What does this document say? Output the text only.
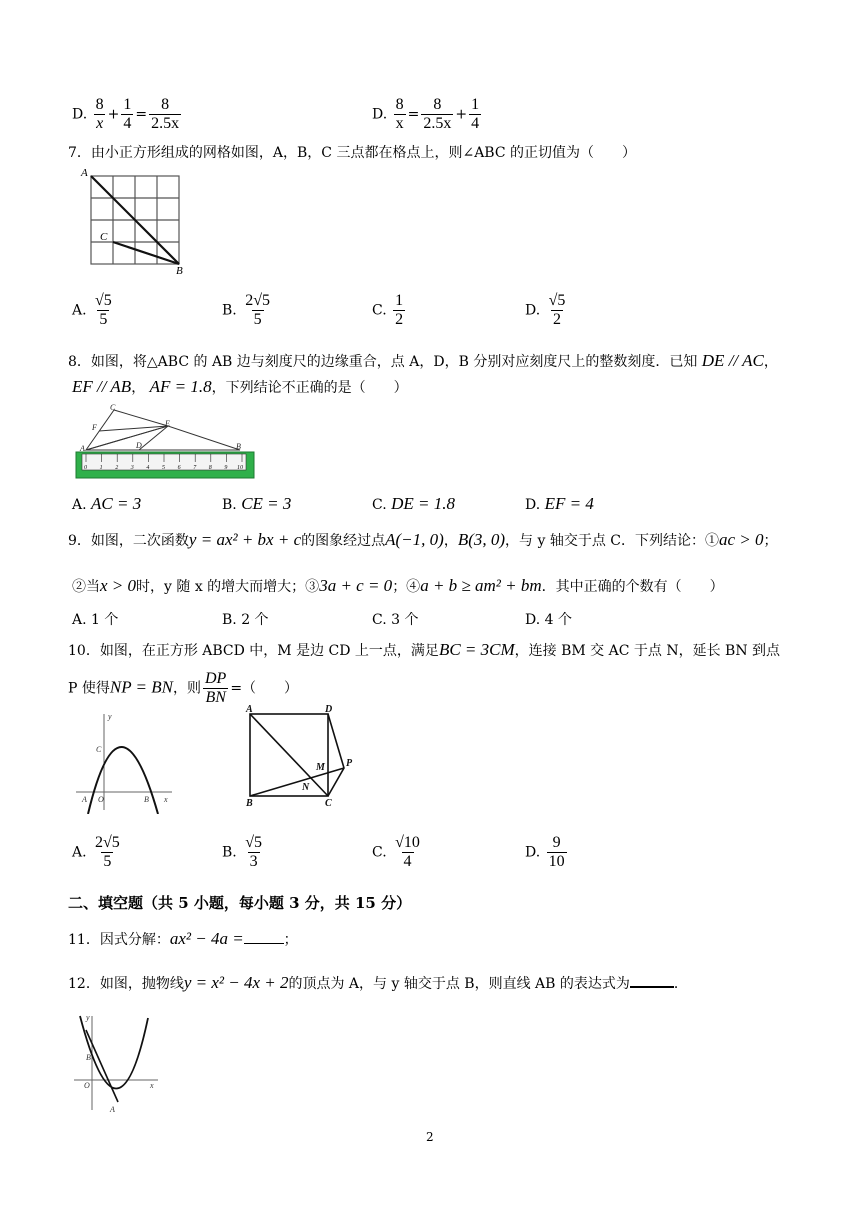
D. $\frac{8}{x} + \frac{1}{4} = \frac{8}{2.5x}$	D. $\frac{8}{x} = \frac{8}{2.5x} + \frac{1}{4}$
7．由小正方形组成的网格如图，A，B，C 三点都在格点上，则∠ABC 的正切值为（　　）
A
B
C
A. $\frac{√5}{5}$	B. $\frac{2√5}{5}$	C. $\frac{1}{2}$	D. $\frac{√5}{2}$
8．如图，将△ABC 的 AB 边与刻度尺的边缘重合，点 A，D，B 分别对应刻度尺上的整数刻度．已知 DE // AC，
EF // AB， AF = 1.8，下列结论不正确的是（　　）
0 1 2 3 4 5 6 7 8 9 10
C
F	E
A	D	B
A. AC = 3	B. CE = 3	C. DE = 1.8	D. EF = 4
9．如图，二次函数y = ax² + bx + c的图象经过点A(−1, 0)，B(3, 0)，与 y 轴交于点 C．下列结论：①ac > 0；
②当x > 0时，y 随 x 的增大而增大；③3a + c = 0；④a + b ≥ am² + bm．其中正确的个数有（　　）
A. 1 个	B. 2 个	C. 3 个	D. 4 个
10．如图，在正方形 ABCD 中，M 是边 CD 上一点，满足BC = 3CM，连接 BM 交 AC 于点 N，延长 BN 到点
P 使得NP = BN，则 $\frac{DP}{BN}$ =（　　）
y
C
A O	B x
A	D
M P
N
B	C
A. $\frac{2√5}{5}$	B. $\frac{√5}{3}$	C. $\frac{√10}{4}$	D. $\frac{9}{10}$
二、填空题（共 5 小题，每小题 3 分，共 15 分）
11．因式分解：ax² − 4a =	；
12．如图，抛物线y = x² − 4x + 2的顶点为 A，与 y 轴交于点 B，则直线 AB 的表达式为	．
y
B
O
A
x
2
